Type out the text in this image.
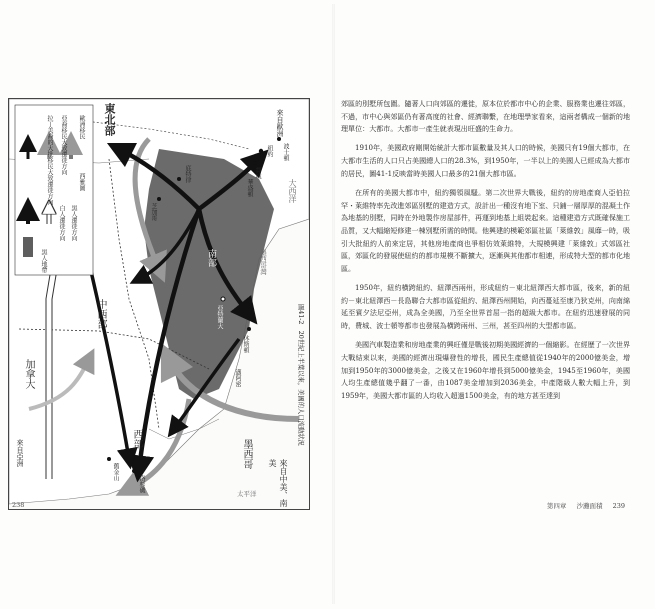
歐洲移民
亞裔移民大致遷徙方向
拉丁美裔的大批移民大致遷徙方向
黑人遷徙方向
白人遷徙方向
黑人地帶
東北部
中西部
西部
南部
加拿大
墨西哥
來自中美、南美
來自亞洲
來自歐洲
大西洋
太平洋
墨西哥灣
紐約 波士頓
底特律
芝加哥
亞特蘭大
休斯頓
洛杉磯
舊金山
西雅圖
邁阿密
費城
華盛頓
圖41-2　20世紀上半葉以來，美國的人口流動狀況
238

郊區的別墅所包圍。隨著人口向郊區的遷徙，原本位於都市中心的企業、服務業也遷往郊區，不過，市中心與郊區仍有著高度的社會、經濟聯繫，在地理學家看來，這兩者構成一個新的地理單位：大都市。大都市一產生就表現出旺盛的生命力。

1910年，美國政府剛開始統計大都市區數量及其人口的時候，美國只有19個大都市，在大都市生活的人口只占美國總人口的28.3%，到1950年，一半以上的美國人已經成為大都市的居民，圖41-1反映當時美國人口最多的21個大都市區。

在所有的美國大都市中，紐約獨領風騷。第二次世界大戰後，紐約的房地產商人亞伯拉罕・萊維特率先改進郊區別墅的建造方式，設計出一種沒有地下室、只鋪一層厚厚的混凝土作為地基的別墅，同時在外地製作房屋部件，再運到地基上組裝起來。這種建造方式既確保施工品質，又大幅縮短修建一棟別墅所需的時間。他興建的模範郊區社區「萊維敦」風靡一時，吸引大批紐約人前來定居，其他房地產商也爭相仿效萊維特，大規模興建「萊維敦」式郊區社區，郊區化的發展使紐約的都市規模不斷擴大，逐漸與其他都市相連，形成特大型的都市化地區。

1950年，紐約横跨紐約、紐澤西兩州，形成紐約－東北紐澤西大都市區，後來，新的紐約－東北紐澤西－長島聯合大都市區從紐約、紐澤西州開始，向西蔓延至康乃狄克州，向南綿延至賓夕法尼亞州，成為全美國，乃至全世界首屈一指的超級大都市。在紐約迅速發展的同時，費城、波士頓等都市也發展為横跨兩州、三州，甚至四州的大型都市區。

美國汽車製造業和房地產業的興旺僅是戰後初期美國經濟的一個縮影。在經歷了一次世界大戰結束以來，美國的經濟出現爆發性的增長，國民生產總值從1940年的2000億美金，增加到1950年的3000億美金，之後又在1960年增長到5000億美金，1945至1960年，美國人均生產總值幾乎翻了一番，由1087美金增加到2036美金，中產階級人數大幅上升，到1959年，美國大都市區的人均收入超過1500美金，有的地方甚至達到

第四章 沙灘面積 239
